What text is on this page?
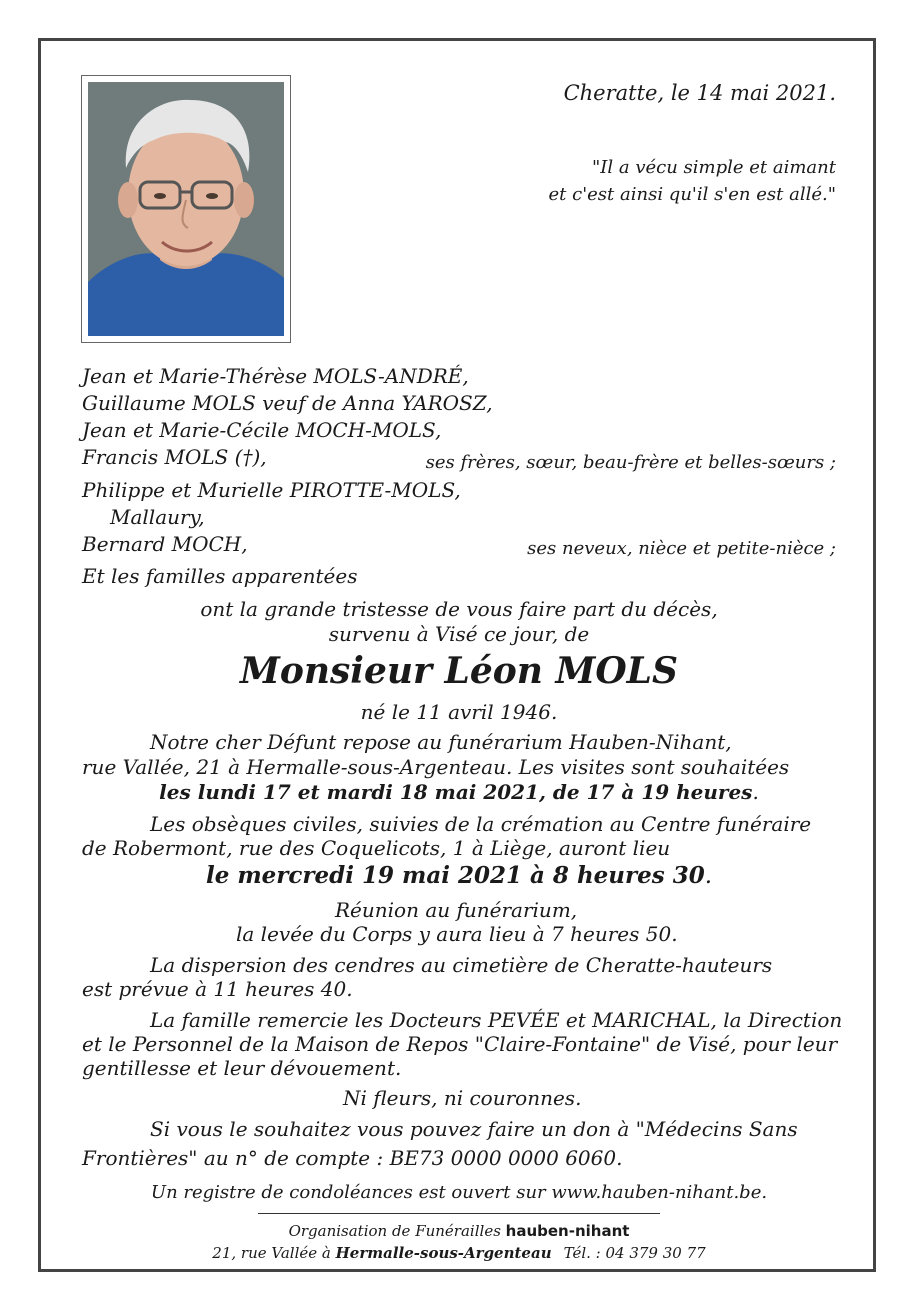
Cheratte, le 14 mai 2021.
"Il a vécu simple et aimant
et c'est ainsi qu'il s'en est allé."
Jean et Marie-Thérèse MOLS-ANDRÉ,
Guillaume MOLS veuf de Anna YAROSZ,
Jean et Marie-Cécile MOCH-MOLS,
Francis MOLS (†),	ses frères, sœur, beau-frère et belles-sœurs ;
Philippe et Murielle PIROTTE-MOLS,
Mallaury,
Bernard MOCH,	ses neveux, nièce et petite-nièce ;
Et les familles apparentées
ont la grande tristesse de vous faire part du décès,
survenu à Visé ce jour, de
Monsieur Léon MOLS
né le 11 avril 1946.
Notre cher Défunt repose au funérarium Hauben-Nihant,
rue Vallée, 21 à Hermalle-sous-Argenteau. Les visites sont souhaitées
les lundi 17 et mardi 18 mai 2021, de 17 à 19 heures.
Les obsèques civiles, suivies de la crémation au Centre funéraire
de Robermont, rue des Coquelicots, 1 à Liège, auront lieu
le mercredi 19 mai 2021 à 8 heures 30.
Réunion au funérarium,
la levée du Corps y aura lieu à 7 heures 50.
La dispersion des cendres au cimetière de Cheratte-hauteurs
est prévue à 11 heures 40.
La famille remercie les Docteurs PEVÉE et MARICHAL, la Direction
et le Personnel de la Maison de Repos "Claire-Fontaine" de Visé, pour leur
gentillesse et leur dévouement.
Ni fleurs, ni couronnes.
Si vous le souhaitez vous pouvez faire un don à "Médecins Sans
Frontières" au n° de compte : BE73 0000 0000 6060.
Un registre de condoléances est ouvert sur www.hauben-nihant.be.
Organisation de Funérailles hauben-nihant
21, rue Vallée à Hermalle-sous-Argenteau Tél. : 04 379 30 77
